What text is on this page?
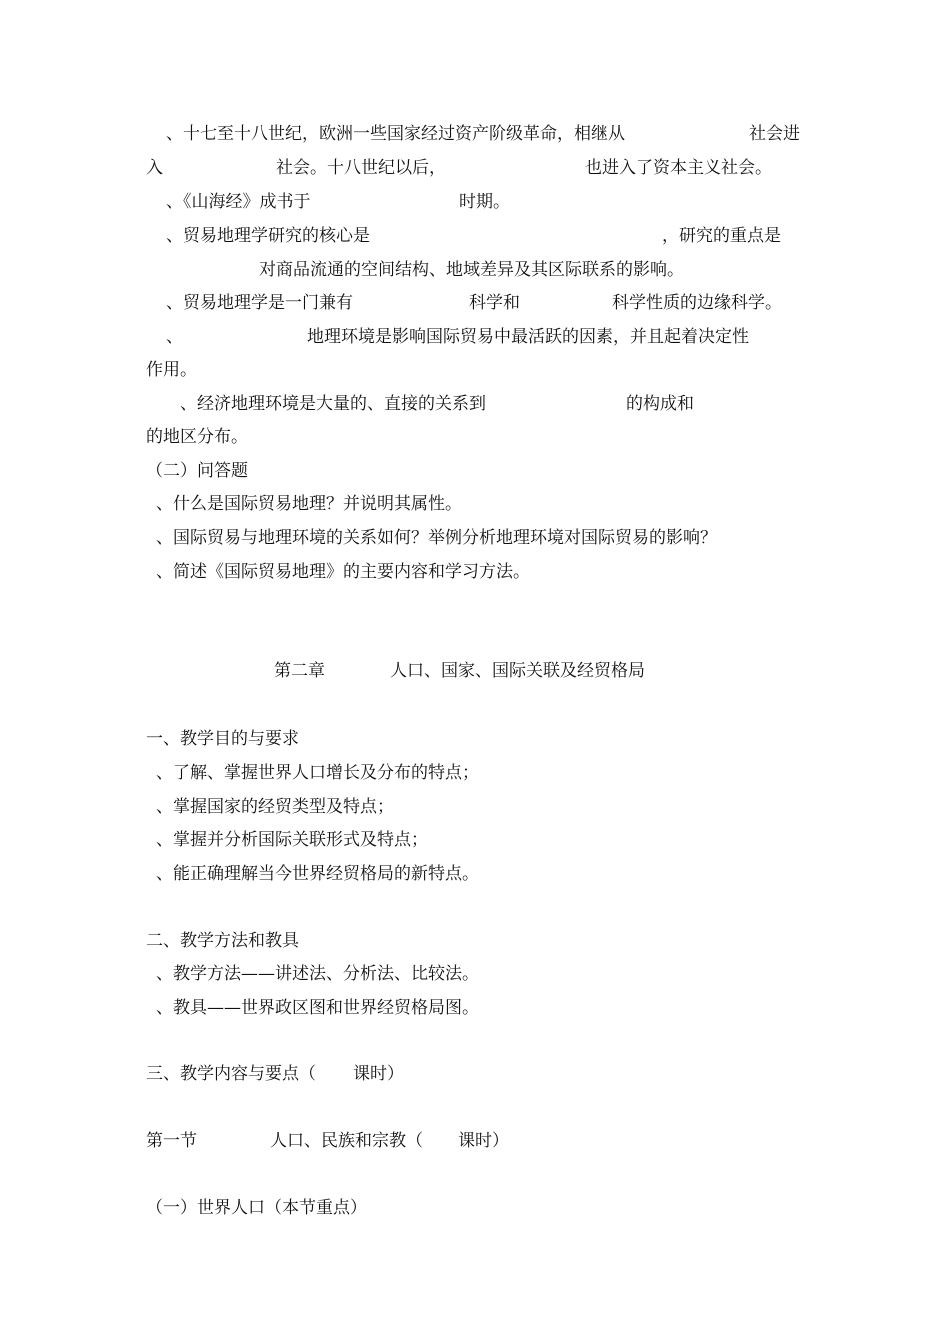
、十七至十八世纪，欧洲一些国家经过资产阶级革命，相继从	社会进
入	社会。十八世纪以后，	也进入了资本主义社会。
、《山海经》成书于	时期。
、贸易地理学研究的核心是	，研究的重点是
对商品流通的空间结构、地域差异及其区际联系的影响。
、贸易地理学是一门兼有	科学和	科学性质的边缘科学。
、	地理环境是影响国际贸易中最活跃的因素，并且起着决定性
作用。
、经济地理环境是大量的、直接的关系到	的构成和
的地区分布。
（二）问答题
、什么是国际贸易地理？并说明其属性。
、国际贸易与地理环境的关系如何？举例分析地理环境对国际贸易的影响？
、简述《国际贸易地理》的主要内容和学习方法。
第二章	人口、国家、国际关联及经贸格局
一、教学目的与要求
、了解、掌握世界人口增长及分布的特点；
、掌握国家的经贸类型及特点；
、掌握并分析国际关联形式及特点；
、能正确理解当今世界经贸格局的新特点。
二、教学方法和教具
、教学方法——讲述法、分析法、比较法。
、教具——世界政区图和世界经贸格局图。
三、教学内容与要点（ 课时）
第一节	人口、民族和宗教（ 课时）
（一）世界人口（本节重点）
